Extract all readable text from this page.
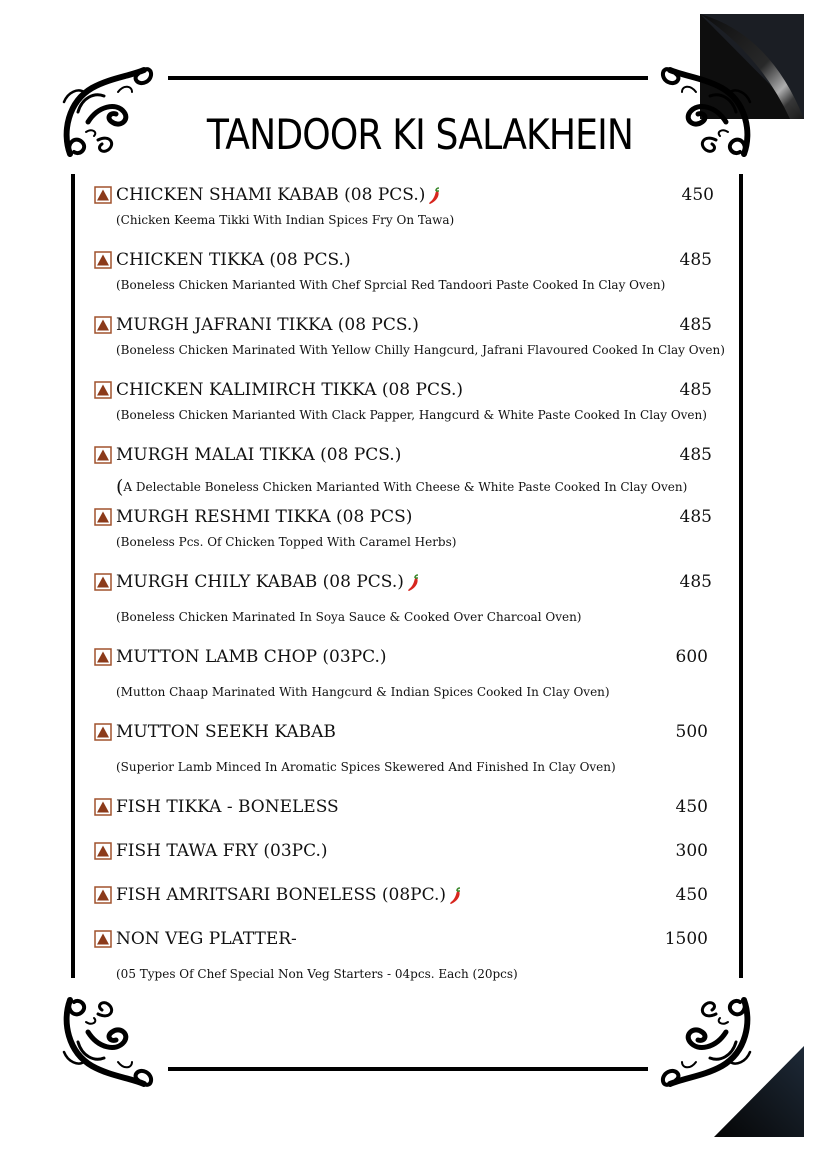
TANDOOR KI SALAKHEIN
CHICKEN SHAMI KABAB (08 PCS.)	450
(Chicken Keema Tikki With Indian Spices Fry On Tawa)
CHICKEN TIKKA (08 PCS.)	485
(Boneless Chicken Marianted With Chef Sprcial Red Tandoori Paste Cooked In Clay Oven)
MURGH JAFRANI TIKKA (08 PCS.)	485
(Boneless Chicken Marinated With Yellow Chilly Hangcurd, Jafrani Flavoured Cooked In Clay Oven)
CHICKEN KALIMIRCH TIKKA (08 PCS.)	485
(Boneless Chicken Marianted With Clack Papper, Hangcurd & White Paste Cooked In Clay Oven)
MURGH MALAI TIKKA (08 PCS.)	485
(A Delectable Boneless Chicken Marianted With Cheese & White Paste Cooked In Clay Oven)
MURGH RESHMI TIKKA (08 PCS)	485
(Boneless Pcs. Of Chicken Topped With Caramel Herbs)
MURGH CHILY KABAB (08 PCS.)	485
(Boneless Chicken Marinated In Soya Sauce & Cooked Over Charcoal Oven)
MUTTON LAMB CHOP (03PC.)	600
(Mutton Chaap Marinated With Hangcurd & Indian Spices Cooked In Clay Oven)
MUTTON SEEKH KABAB	500
(Superior Lamb Minced In Aromatic Spices Skewered And Finished In Clay Oven)
FISH TIKKA - BONELESS	450
FISH TAWA FRY (03PC.)	300
FISH AMRITSARI BONELESS (08PC.)	450
NON VEG PLATTER-	1500
(05 Types Of Chef Special Non Veg Starters - 04pcs. Each (20pcs)
